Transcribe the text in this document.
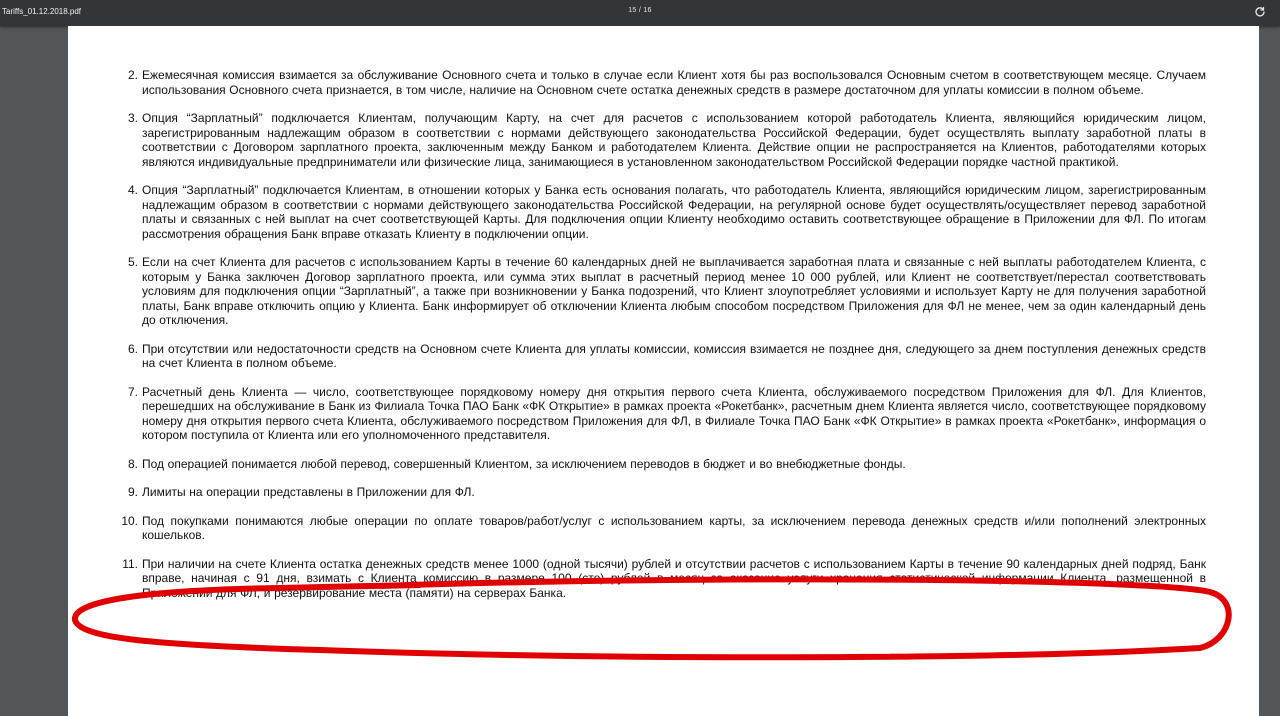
Tariffs_01.12.2018.pdf	15 / 16
2. Ежемесячная комиссия взимается за обслуживание Основного счета и только в случае если Клиент хотя бы раз воспользовался Основным счетом в соответствующем месяце. Случаем использования Основного счета признается, в том числе, наличие на Основном счете остатка денежных средств в размере достаточном для уплаты комиссии в полном объеме.
3. Опция “Зарплатный” подключается Клиентам, получающим Карту, на счет для расчетов с использованием которой работодатель Клиента, являющийся юридическим лицом, зарегистрированным надлежащим образом в соответствии с нормами действующего законодательства Российской Федерации, будет осуществлять выплату заработной платы в соответствии с Договором зарплатного проекта, заключенным между Банком и работодателем Клиента. Действие опции не распространяется на Клиентов, работодателями которых являются индивидуальные предприниматели или физические лица, занимающиеся в установленном законодательством Российской Федерации порядке частной практикой.
4. Опция “Зарплатный” подключается Клиентам, в отношении которых у Банка есть основания полагать, что работодатель Клиента, являющийся юридическим лицом, зарегистрированным надлежащим образом в соответствии с нормами действующего законодательства Российской Федерации, на регулярной основе будет осуществлять/осуществляет перевод заработной платы и связанных с ней выплат на счет соответствующей Карты. Для подключения опции Клиенту необходимо оставить соответствующее обращение в Приложении для ФЛ. По итогам рассмотрения обращения Банк вправе отказать Клиенту в подключении опции.
5. Если на счет Клиента для расчетов с использованием Карты в течение 60 календарных дней не выплачивается заработная плата и связанные с ней выплаты работодателем Клиента, с которым у Банка заключен Договор зарплатного проекта, или сумма этих выплат в расчетный период менее 10 000 рублей, или Клиент не соответствует/перестал соответствовать условиям для подключения опции “Зарплатный”, а также при возникновении у Банка подозрений, что Клиент злоупотребляет условиями и использует Карту не для получения заработной платы, Банк вправе отключить опцию у Клиента. Банк информирует об отключении Клиента любым способом посредством Приложения для ФЛ не менее, чем за один календарный день до отключения.
6. При отсутствии или недостаточности средств на Основном счете Клиента для уплаты комиссии, комиссия взимается не позднее дня, следующего за днем поступления денежных средств на счет Клиента в полном объеме.
7. Расчетный день Клиента — число, соответствующее порядковому номеру дня открытия первого счета Клиента, обслуживаемого посредством Приложения для ФЛ. Для Клиентов, перешедших на обслуживание в Банк из Филиала Точка ПАО Банк «ФК Открытие» в рамках проекта «Рокетбанк», расчетным днем Клиента является число, соответствующее порядковому номеру дня открытия первого счета Клиента, обслуживаемого посредством Приложения для ФЛ, в Филиале Точка ПАО Банк «ФК Открытие» в рамках проекта «Рокетбанк», информация о котором поступила от Клиента или его уполномоченного представителя.
8. Под операцией понимается любой перевод, совершенный Клиентом, за исключением переводов в бюджет и во внебюджетные фонды.
9. Лимиты на операции представлены в Приложении для ФЛ.
10. Под покупками понимаются любые операции по оплате товаров/работ/услуг с использованием карты, за исключением перевода денежных средств и/или пополнений электронных кошельков.
11. При наличии на счете Клиента остатка денежных средств менее 1000 (одной тысячи) рублей и отсутствии расчетов с использованием Карты в течение 90 календарных дней подряд, Банк вправе, начиная с 91 дня, взимать с Клиента комиссию в размере 100 (сто) рублей в месяц за оказание услуги хранения статистической информации Клиента, размещенной в Приложении для ФЛ, и резервирование места (памяти) на серверах Банка.
